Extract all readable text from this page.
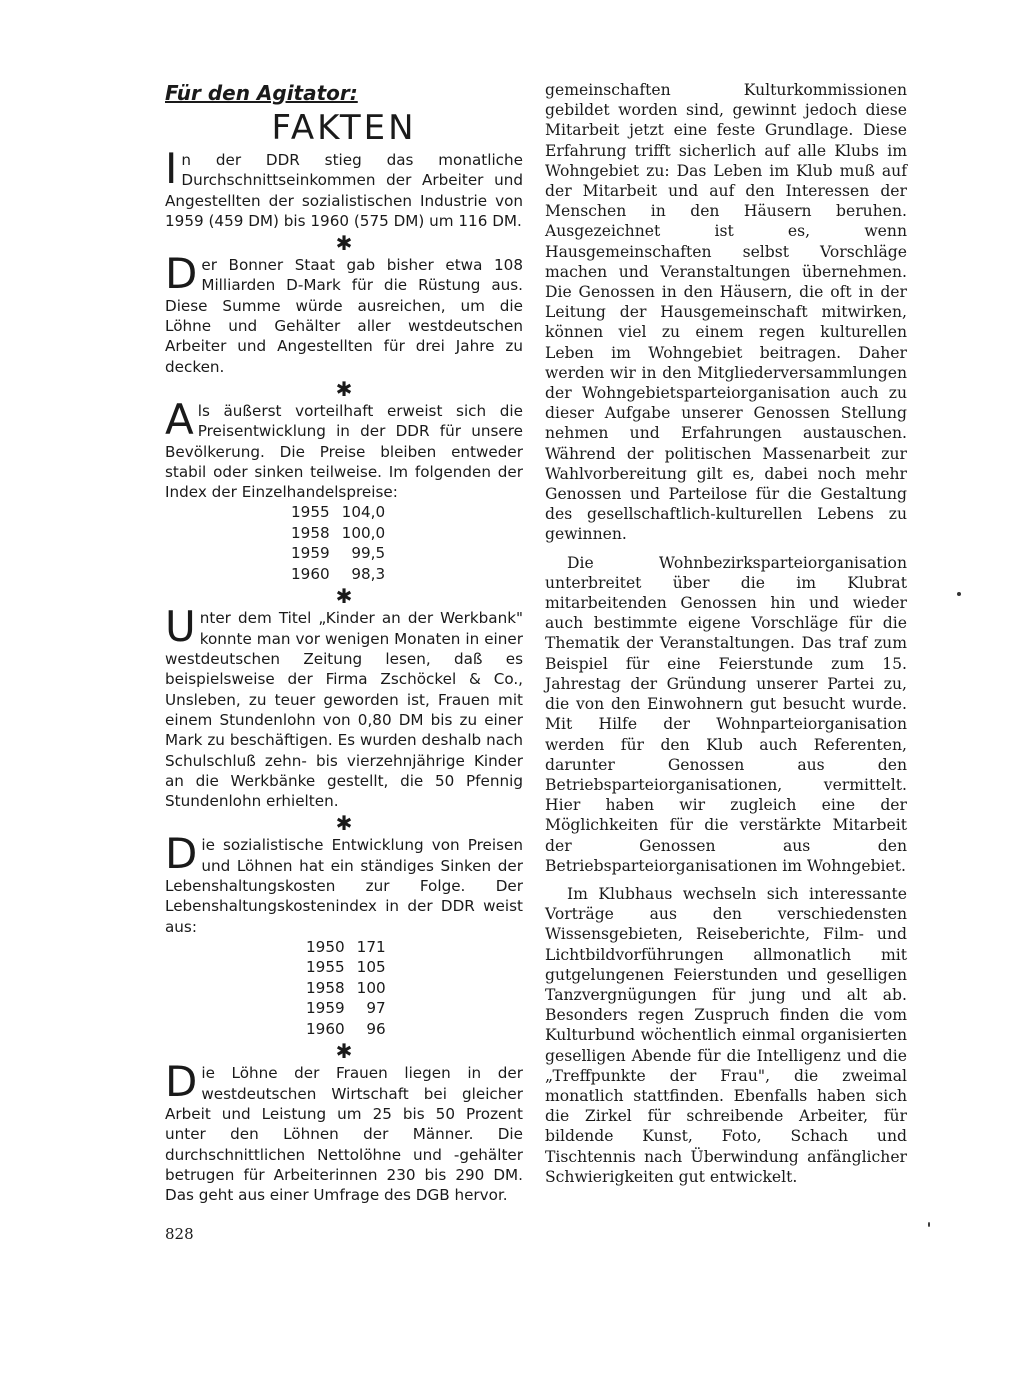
Für den Agitator:
FAKTEN

In der DDR stieg das monatliche Durchschnittseinkommen der Arbeiter und Angestellten der sozialistischen Industrie von 1959 (459 DM) bis 1960 (575 DM) um 116 DM.

✱

Der Bonner Staat gab bisher etwa 108 Milliarden D-Mark für die Rüstung aus. Diese Summe würde ausreichen, um die Löhne und Gehälter aller westdeutschen Arbeiter und Angestellten für drei Jahre zu decken.

✱

Als äußerst vorteilhaft erweist sich die Preisentwicklung in der DDR für unsere Bevölkerung. Die Preise bleiben entweder stabil oder sinken teilweise. Im folgenden der Index der Einzelhandelspreise:

1955	104,0
1958	100,0
1959	99,5
1960	98,3
✱

Unter dem Titel „Kinder an der Werkbank" konnte man vor wenigen Monaten in einer westdeutschen Zeitung lesen, daß es beispielsweise der Firma Zschöckel & Co., Unsleben, zu teuer geworden ist, Frauen mit einem Stundenlohn von 0,80 DM bis zu einer Mark zu beschäftigen. Es wurden deshalb nach Schulschluß zehn- bis vierzehnjährige Kinder an die Werkbänke gestellt, die 50 Pfennig Stundenlohn erhielten.

✱

Die sozialistische Entwicklung von Preisen und Löhnen hat ein ständiges Sinken der Lebenshaltungskosten zur Folge. Der Lebenshaltungskostenindex in der DDR weist aus:

1950	171
1955	105
1958	100
1959	97
1960	96
✱

Die Löhne der Frauen liegen in der westdeutschen Wirtschaft bei gleicher Arbeit und Leistung um 25 bis 50 Prozent unter den Löhnen der Männer. Die durchschnittlichen Nettolöhne und -gehälter betrugen für Arbeiterinnen 230 bis 290 DM. Das geht aus einer Umfrage des DGB hervor.

gemeinschaften Kulturkommissionen gebildet worden sind, gewinnt jedoch diese Mitarbeit jetzt eine feste Grundlage. Diese Erfahrung trifft sicherlich auf alle Klubs im Wohngebiet zu: Das Leben im Klub muß auf der Mitarbeit und auf den Interessen der Menschen in den Häusern beruhen. Ausgezeichnet ist es, wenn Hausgemeinschaften selbst Vorschläge machen und Veranstaltungen übernehmen. Die Genossen in den Häusern, die oft in der Leitung der Hausgemeinschaft mitwirken, können viel zu einem regen kulturellen Leben im Wohngebiet beitragen. Daher werden wir in den Mitgliederversammlungen der Wohngebietsparteiorganisation auch zu dieser Aufgabe unserer Genossen Stellung nehmen und Erfahrungen austauschen. Während der politischen Massenarbeit zur Wahlvorbereitung gilt es, dabei noch mehr Genossen und Parteilose für die Gestaltung des gesellschaftlich-kulturellen Lebens zu gewinnen.

Die Wohnbezirksparteiorganisation unterbreitet über die im Klubrat mitarbeitenden Genossen hin und wieder auch bestimmte eigene Vorschläge für die Thematik der Veranstaltungen. Das traf zum Beispiel für eine Feierstunde zum 15. Jahrestag der Gründung unserer Partei zu, die von den Einwohnern gut besucht wurde. Mit Hilfe der Wohnparteiorganisation werden für den Klub auch Referenten, darunter Genossen aus den Betriebsparteiorganisationen, vermittelt. Hier haben wir zugleich eine der Möglichkeiten für die verstärkte Mitarbeit der Genossen aus den Betriebsparteiorganisationen im Wohngebiet.

Im Klubhaus wechseln sich interessante Vorträge aus den verschiedensten Wissensgebieten, Reiseberichte, Film- und Lichtbildvorführungen allmonatlich mit gutgelungenen Feierstunden und geselligen Tanzvergnügungen für jung und alt ab. Besonders regen Zuspruch finden die vom Kulturbund wöchentlich einmal organisierten geselligen Abende für die Intelligenz und die „Treffpunkte der Frau", die zweimal monatlich stattfinden. Ebenfalls haben sich die Zirkel für schreibende Arbeiter, für bildende Kunst, Foto, Schach und Tischtennis nach Überwindung anfänglicher Schwierigkeiten gut entwickelt.

828
